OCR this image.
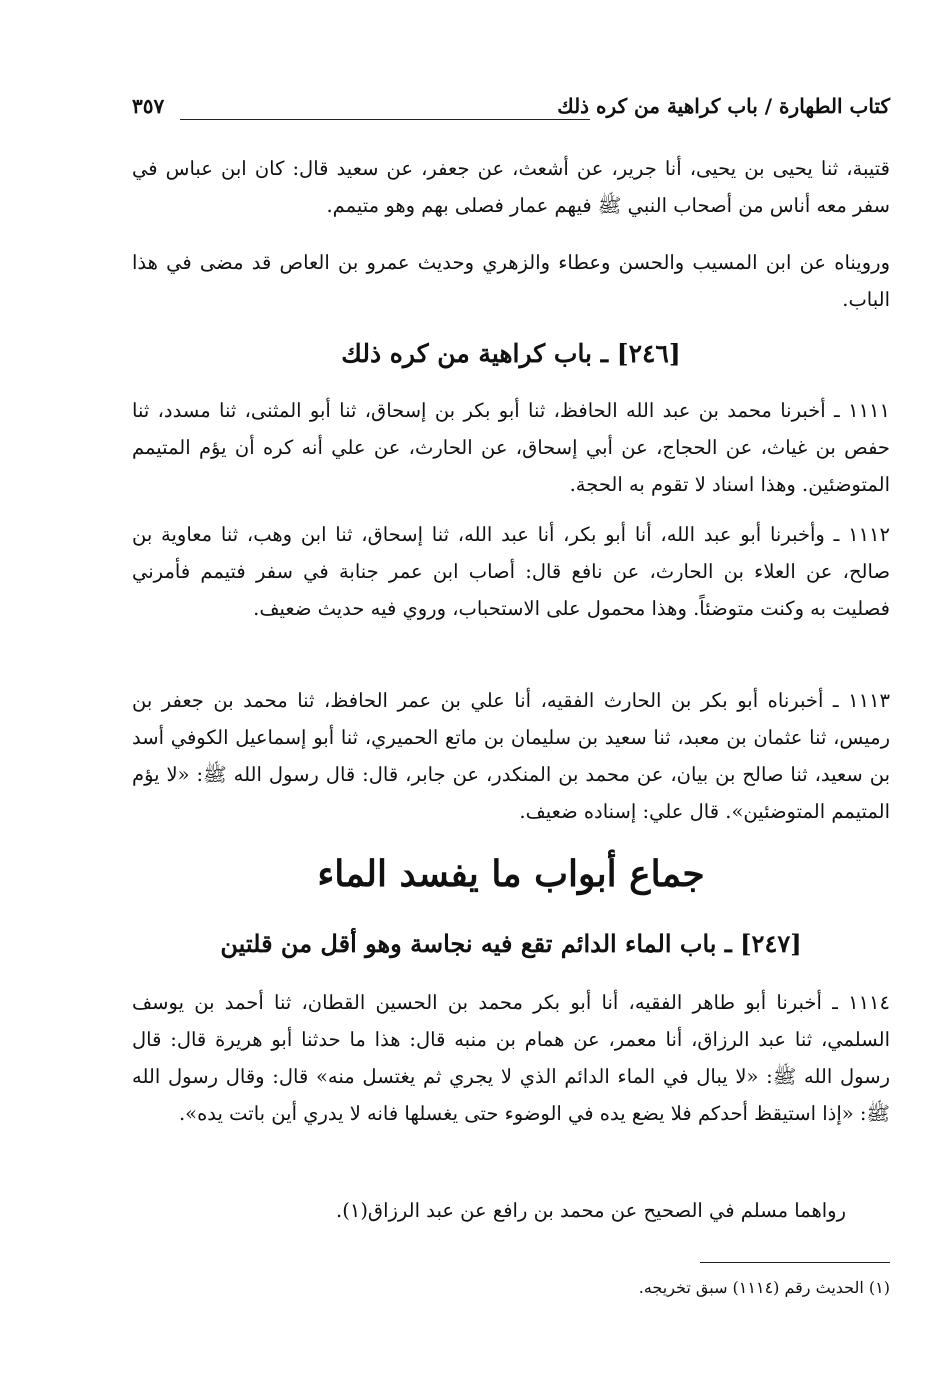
كتاب الطهارة / باب كراهية من كره ذلك
٣٥٧

قتيبة، ثنا يحيى بن يحيى، أنا جرير، عن أشعث، عن جعفر، عن سعيد قال: كان ابن عباس في سفر معه أناس من أصحاب النبي ﷺ فيهم عمار فصلى بهم وهو متيمم.

ورويناه عن ابن المسيب والحسن وعطاء والزهري وحديث عمرو بن العاص قد مضى في هذا الباب.

[٢٤٦] ـ باب كراهية من كره ذلك

١١١١ ـ أخبرنا محمد بن عبد الله الحافظ، ثنا أبو بكر بن إسحاق، ثنا أبو المثنى، ثنا مسدد، ثنا حفص بن غياث، عن الحجاج، عن أبي إسحاق، عن الحارث، عن علي أنه كره أن يؤم المتيمم المتوضئين. وهذا اسناد لا تقوم به الحجة.

١١١٢ ـ وأخبرنا أبو عبد الله، أنا أبو بكر، أنا عبد الله، ثنا إسحاق، ثنا ابن وهب، ثنا معاوية بن صالح، عن العلاء بن الحارث، عن نافع قال: أصاب ابن عمر جنابة في سفر فتيمم فأمرني فصليت به وكنت متوضئاً. وهذا محمول على الاستحباب، وروي فيه حديث ضعيف.

١١١٣ ـ أخبرناه أبو بكر بن الحارث الفقيه، أنا علي بن عمر الحافظ، ثنا محمد بن جعفر بن رميس، ثنا عثمان بن معبد، ثنا سعيد بن سليمان بن ماتع الحميري، ثنا أبو إسماعيل الكوفي أسد بن سعيد، ثنا صالح بن بيان، عن محمد بن المنكدر، عن جابر، قال: قال رسول الله ﷺ: «لا يؤم المتيمم المتوضئين». قال علي: إسناده ضعيف.

جماع أبواب ما يفسد الماء
[٢٤٧] ـ باب الماء الدائم تقع فيه نجاسة وهو أقل من قلتين

١١١٤ ـ أخبرنا أبو طاهر الفقيه، أنا أبو بكر محمد بن الحسين القطان، ثنا أحمد بن يوسف السلمي، ثنا عبد الرزاق، أنا معمر، عن همام بن منبه قال: هذا ما حدثنا أبو هريرة قال: قال رسول الله ﷺ: «لا يبال في الماء الدائم الذي لا يجري ثم يغتسل منه» قال: وقال رسول الله ﷺ: «إذا استيقظ أحدكم فلا يضع يده في الوضوء حتى يغسلها فانه لا يدري أين باتت يده».

رواهما مسلم في الصحيح عن محمد بن رافع عن عبد الرزاق(١).

(١) الحديث رقم (١١١٤) سبق تخريجه.
